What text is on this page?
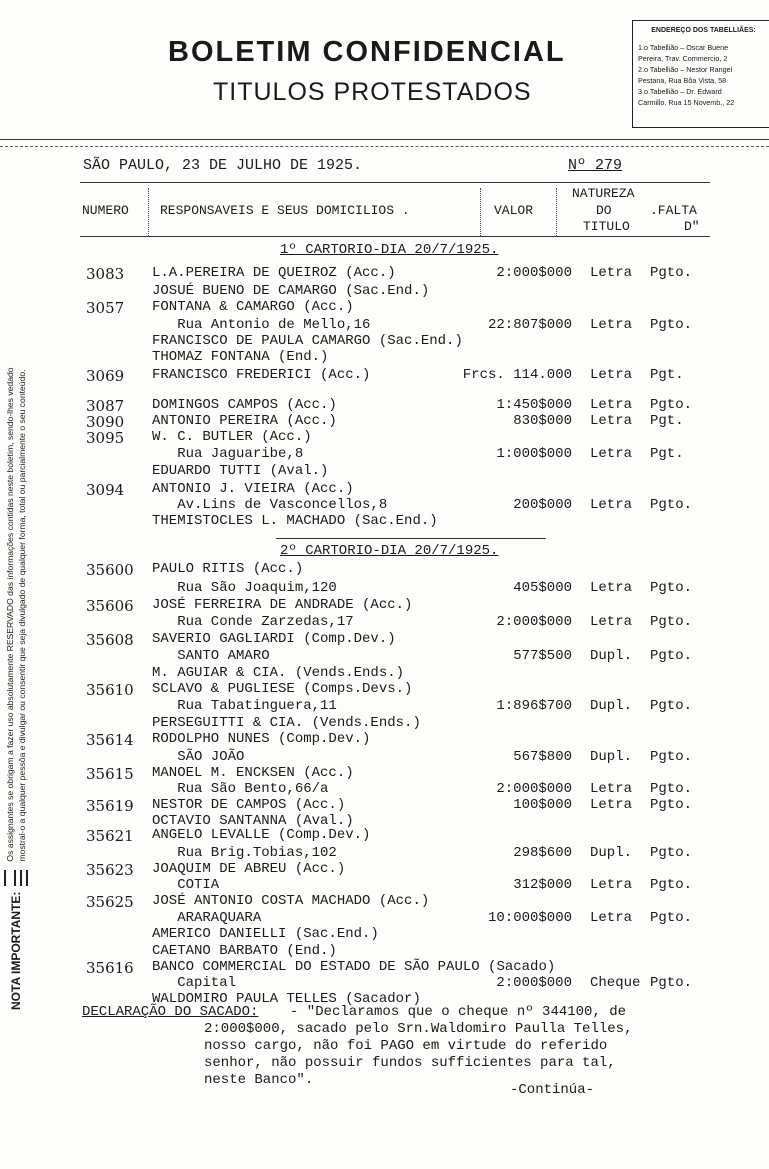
BOLETIM CONFIDENCIAL
TITULOS PROTESTADOS
ENDEREÇO DOS TABELLIÃES:
1.o Tabellião – Oscar Buene
Pereira, Trav. Commercio, 2
2.o Tabellião – Nestor Rangel
Pestana, Rua Bôa Vista, 58
3.o Tabellião – Dr. Edward
Carmillo, Rua 15 Novemb., 22
NOTA IMPORTANTE:
Os assignantes se obrigam a fazer uso absolutamente RESERVADO das informações contidas neste boletim, sendo-lhes vedado mostral-o a qualquer pessôa e divulgar ou consentir que seja divulgado de qualquer forma, total ou parcialmente o seu conteúdo.
SÃO PAULO, 23 DE JULHO DE 1925.	Nº 279
NUMERO RESPONSAVEIS E SEUS DOMICILIOS .	VALOR
NATUREZA
DO
TITULO
.FALTA
D"
1º CARTORIO-DIA 20/7/1925.
3083 L.A.PEREIRA DE QUEIROZ (Acc.)	2:000$000 Letra Pgto.
JOSUÉ BUENO DE CAMARGO (Sac.End.)
3057 FONTANA & CAMARGO (Acc.)
Rua Antonio de Mello,16	22:807$000 Letra Pgto.
FRANCISCO DE PAULA CAMARGO (Sac.End.)
THOMAZ FONTANA (End.)
3069 FRANCISCO FREDERICI (Acc.)	Frcs. 114.000 Letra Pgt.
3087 DOMINGOS CAMPOS (Acc.)	1:450$000 Letra Pgto.
3090 ANTONIO PEREIRA (Acc.)	830$000 Letra Pgt.
3095 W. C. BUTLER (Acc.)
Rua Jaguaribe,8	1:000$000 Letra Pgt.
EDUARDO TUTTI (Aval.)
3094 ANTONIO J. VIEIRA (Acc.)
Av.Lins de Vasconcellos,8	200$000 Letra Pgto.
THEMISTOCLES L. MACHADO (Sac.End.)
2º CARTORIO-DIA 20/7/1925.
35600 PAULO RITIS (Acc.)
Rua São Joaquim,120	405$000 Letra Pgto.
35606 JOSÉ FERREIRA DE ANDRADE (Acc.)
Rua Conde Zarzedas,17	2:000$000 Letra Pgto.
35608 SAVERIO GAGLIARDI (Comp.Dev.)
SANTO AMARO	577$500 Dupl. Pgto.
M. AGUIAR & CIA. (Vends.Ends.)
35610 SCLAVO & PUGLIESE (Comps.Devs.)
Rua Tabatinguera,11	1:896$700 Dupl. Pgto.
PERSEGUITTI & CIA. (Vends.Ends.)
35614 RODOLPHO NUNES (Comp.Dev.)
SÃO JOÃO	567$800 Dupl. Pgto.
35615 MANOEL M. ENCKSEN (Acc.)
Rua São Bento,66/a	2:000$000 Letra Pgto.
35619 NESTOR DE CAMPOS (Acc.)	100$000 Letra Pgto.
OCTAVIO SANTANNA (Aval.)
35621 ANGELO LEVALLE (Comp.Dev.)
Rua Brig.Tobias,102	298$600 Dupl. Pgto.
35623 JOAQUIM DE ABREU (Acc.)
COTIA	312$000 Letra Pgto.
35625 JOSÉ ANTONIO COSTA MACHADO (Acc.)
ARARAQUARA	10:000$000 Letra Pgto.
AMERICO DANIELLI (Sac.End.)
CAETANO BARBATO (End.)
35616 BANCO COMMERCIAL DO ESTADO DE SÃO PAULO (Sacado)
Capital	2:000$000 Cheque Pgto.
WALDOMIRO PAULA TELLES (Sacador)
DECLARAÇÃO DO SACADO: - "Declaramos que o cheque nº 344100, de
2:000$000, sacado pelo Srn.Waldomiro Paulla Telles,
nosso cargo, não foi PAGO em virtude do referido
senhor, não possuir fundos sufficientes para tal,
neste Banco".
-Continúa-
